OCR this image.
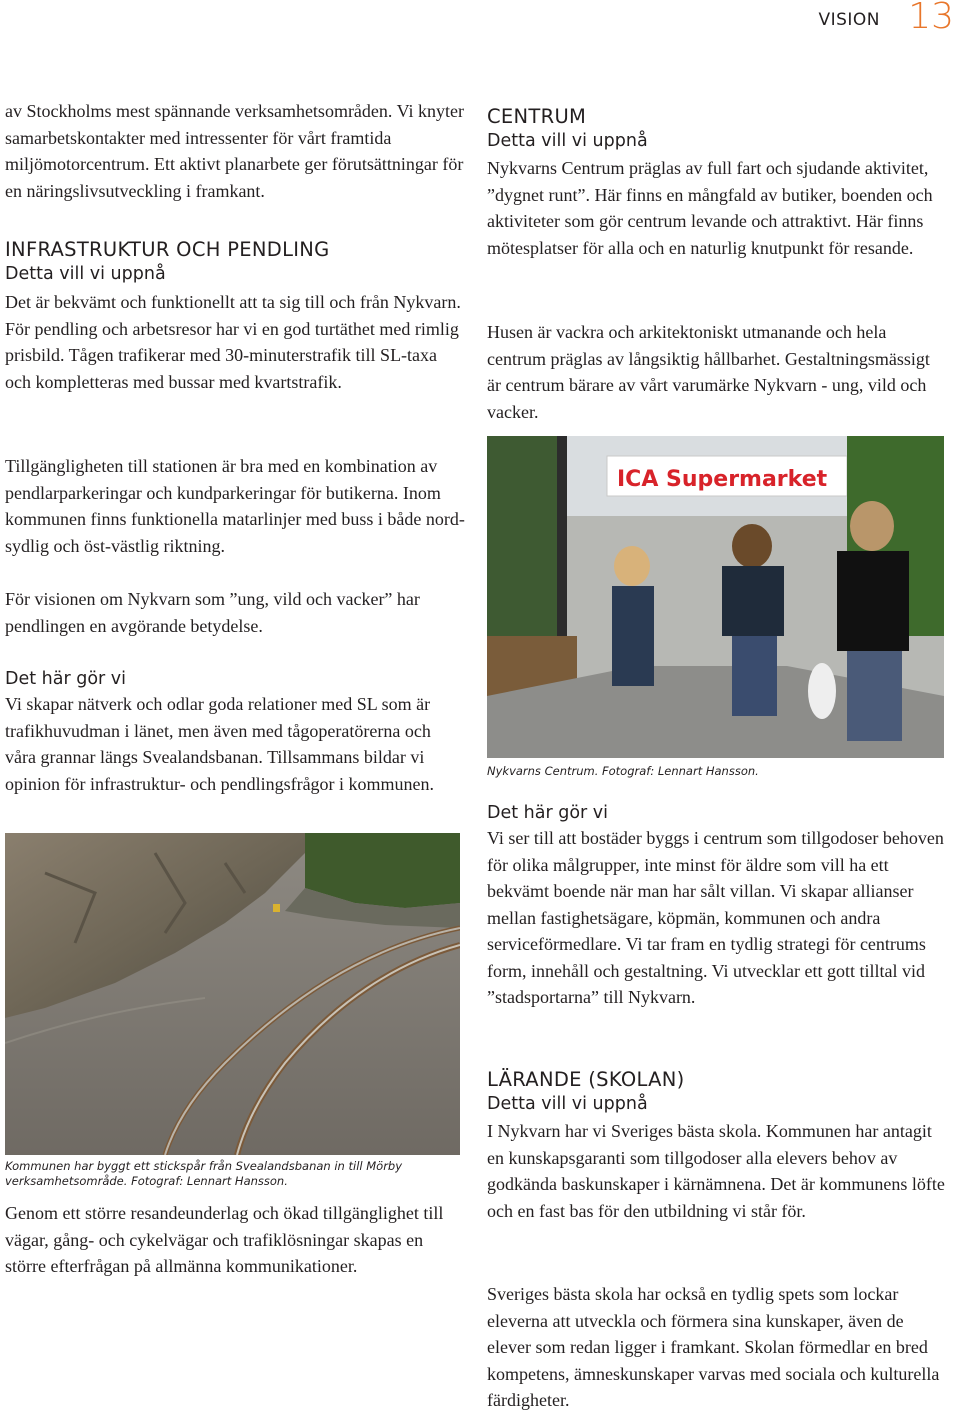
VISION 13

av Stockholms mest spännande verksamhetsområden. Vi knyter samarbetskontakter med intressenter för vårt framtida miljömotorcentrum. Ett aktivt planarbete ger förutsättningar för en näringslivsutveckling i framkant.

INFRASTRUKTUR OCH PENDLING
Detta vill vi uppnå

Det är bekvämt och funktionellt att ta sig till och från Nykvarn. För pendling och arbetsresor har vi en god turtäthet med rimlig prisbild. Tågen trafikerar med 30-minuterstrafik till SL-taxa och kompletteras med bussar med kvartstrafik.

Tillgängligheten till stationen är bra med en kombination av pendlarparkeringar och kundparkeringar för butikerna. Inom kommunen finns funktionella matarlinjer med buss i både nord-sydlig och öst-västlig riktning.

För visionen om Nykvarn som ”ung, vild och vacker” har pendlingen en avgörande betydelse.

Det här gör vi

Vi skapar nätverk och odlar goda relationer med SL som är trafikhuvudman i länet, men även med tågoperatörerna och våra grannar längs Svealandsbanan. Tillsammans bildar vi opinion för infrastruktur- och pendlingsfrågor i kommunen.

Kommunen har byggt ett stickspår från Svealandsbanan in till Mörby verksamhetsområde. Fotograf: Lennart Hansson.

Genom ett större resandeunderlag och ökad tillgänglighet till vägar, gång- och cykelvägar och trafiklösningar skapas en större efterfrågan på allmänna kommunikationer.

CENTRUM
Detta vill vi uppnå

Nykvarns Centrum präglas av full fart och sjudande aktivitet, ”dygnet runt”. Här finns en mångfald av butiker, boenden och aktiviteter som gör centrum levande och attraktivt. Här finns mötesplatser för alla och en naturlig knutpunkt för resande.

Husen är vackra och arkitektoniskt utmanande och hela centrum präglas av långsiktig hållbarhet. Gestaltningsmässigt är centrum bärare av vårt varumärke Nykvarn - ung, vild och vacker.

ICA Supermarket
Nykvarns Centrum. Fotograf: Lennart Hansson.
Det här gör vi

Vi ser till att bostäder byggs i centrum som tillgodoser behoven för olika målgrupper, inte minst för äldre som vill ha ett bekvämt boende när man har sålt villan. Vi skapar allianser mellan fastighetsägare, köpmän, kommunen och andra serviceförmedlare. Vi tar fram en tydlig strategi för centrums form, innehåll och gestaltning. Vi utvecklar ett gott tilltal vid ”stadsportarna” till Nykvarn.

LÄRANDE (SKOLAN)
Detta vill vi uppnå

I Nykvarn har vi Sveriges bästa skola. Kommunen har antagit en kunskapsgaranti som tillgodoser alla elevers behov av godkända baskunskaper i kärnämnena. Det är kommunens löfte och en fast bas för den utbildning vi står för.

Sveriges bästa skola har också en tydlig spets som lockar eleverna att utveckla och förmera sina kunskaper, även de elever som redan ligger i framkant. Skolan förmedlar en bred kompetens, ämneskunskaper varvas med sociala och kulturella färdigheter.
